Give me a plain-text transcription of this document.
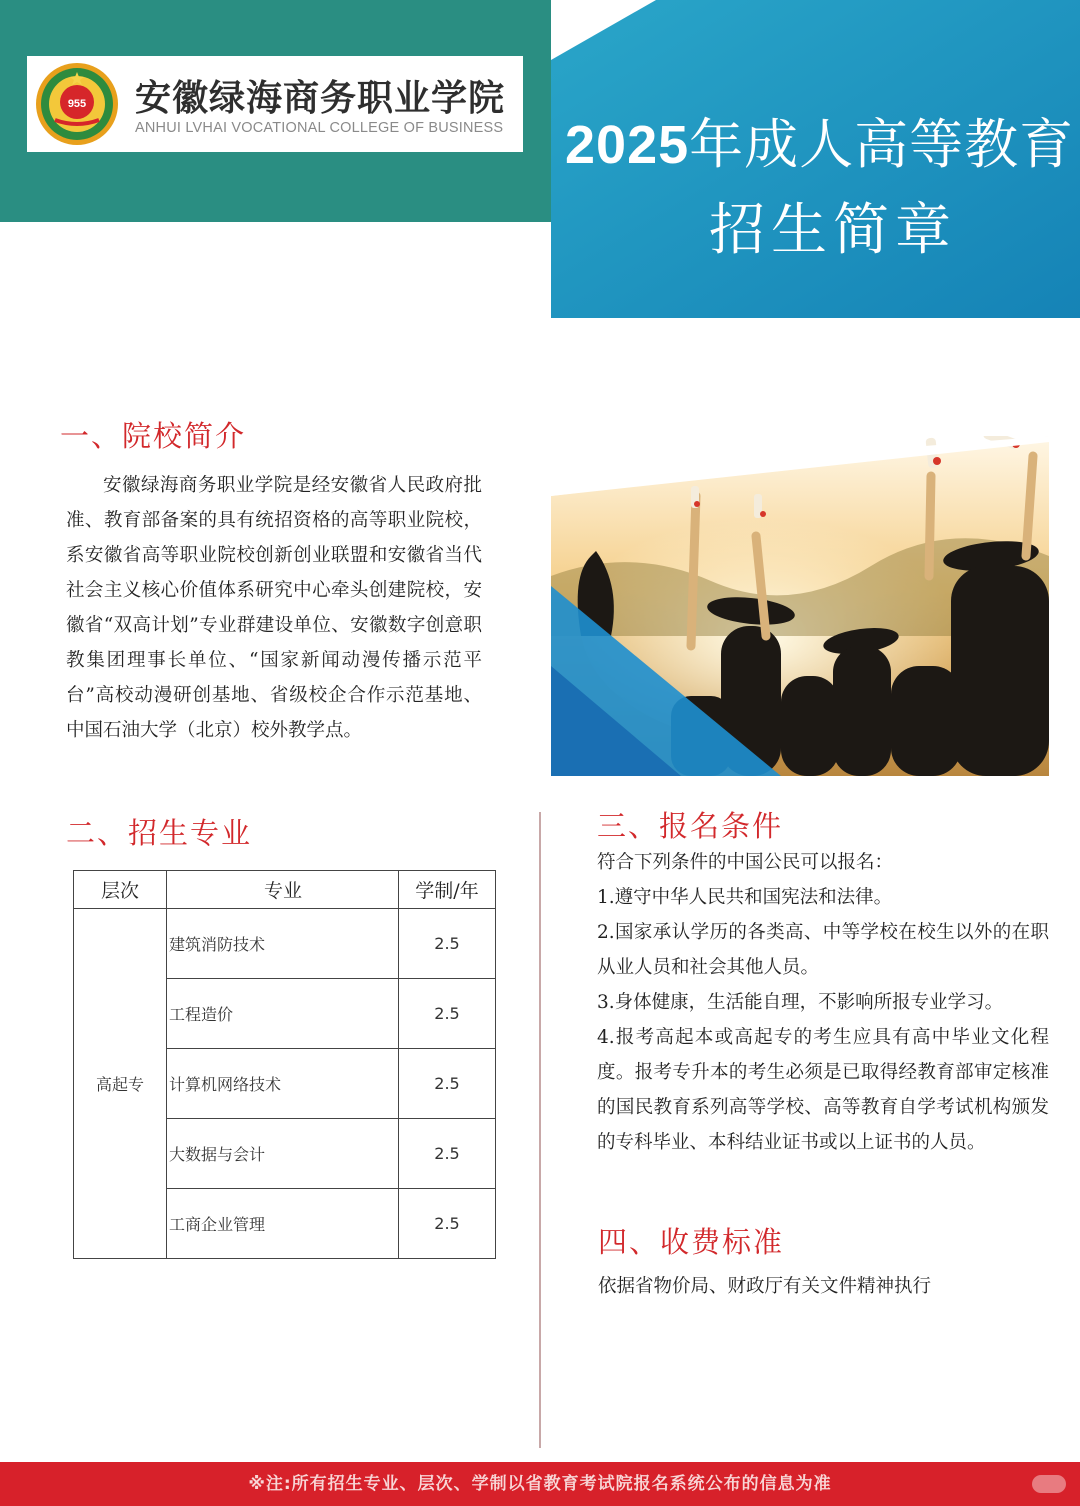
955 安徽绿海商务职业学院
ANHUI LVHAI VOCATIONAL COLLEGE OF BUSINESS 2025年成人高等教育
招生简章
一、院校简介
安徽绿海商务职业学院是经安徽省人民政府批准、教育部备案的具有统招资格的高等职业院校，系安徽省高等职业院校创新创业联盟和安徽省当代社会主义核心价值体系研究中心牵头创建院校，安徽省“双高计划”专业群建设单位、安徽数字创意职教集团理事长单位、“国家新闻动漫传播示范平台”高校动漫研创基地、省级校企合作示范基地、中国石油大学（北京）校外教学点。
二、招生专业
层次	专业	学制/年
高起专	建筑消防技术	2.5
	工程造价	2.5
	计算机网络技术	2.5
	大数据与会计	2.5
	工商企业管理	2.5
三、报名条件

符合下列条件的中国公民可以报名：

1.遵守中华人民共和国宪法和法律。

2.国家承认学历的各类高、中等学校在校生以外的在职从业人员和社会其他人员。

3.身体健康，生活能自理，不影响所报专业学习。

4.报考高起本或高起专的考生应具有高中毕业文化程度。报考专升本的考生必须是已取得经教育部审定核准的国民教育系列高等学校、高等教育自学考试机构颁发的专科毕业、本科结业证书或以上证书的人员。

四、收费标准
依据省物价局、财政厅有关文件精神执行
※注:所有招生专业、层次、学制以省教育考试院报名系统公布的信息为准
